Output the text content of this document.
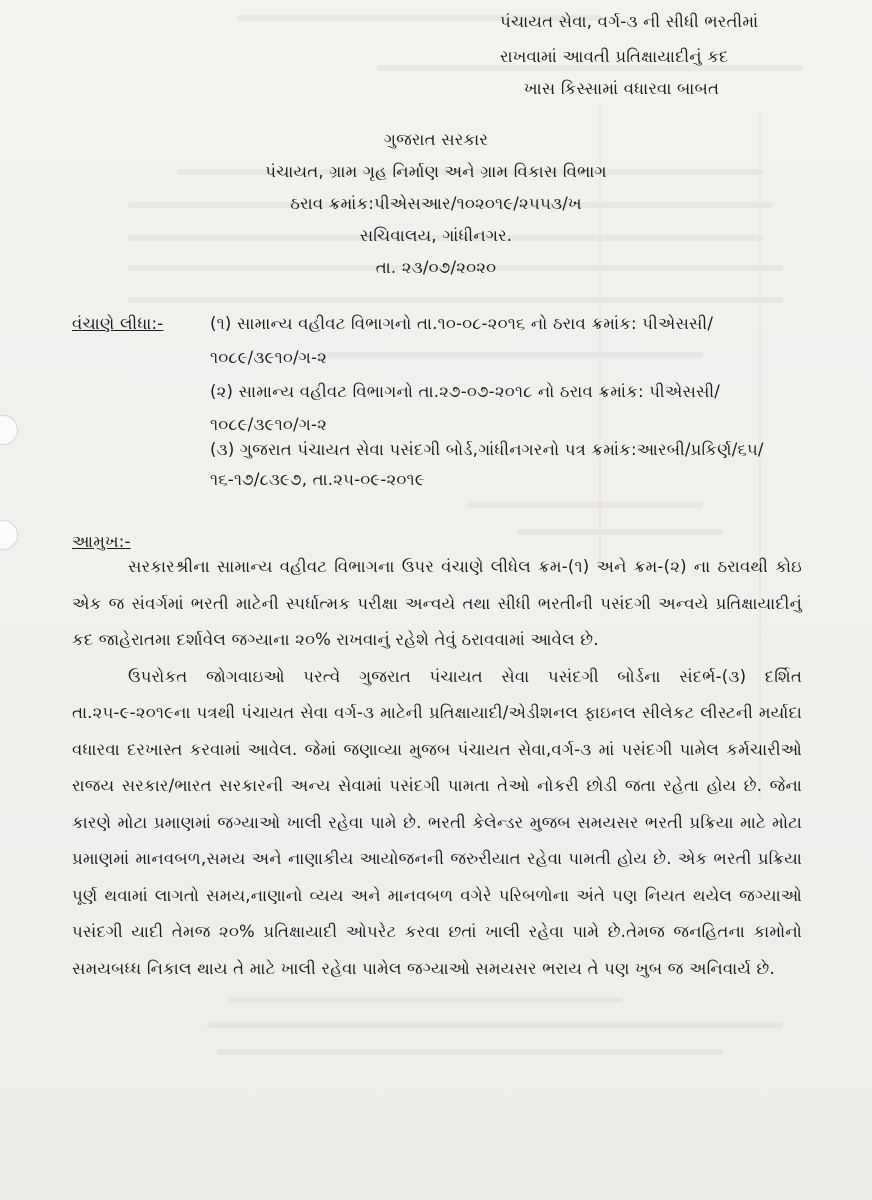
પંચાયત સેવા, વર્ગ-૩ ની સીધી ભરતીમાં
રાખવામાં આવતી પ્રતિક્ષાયાદીનું કદ
ખાસ કિસ્સામાં વધારવા બાબત
ગુજરાત સરકાર
પંચાયત, ગ્રામ ગૃહ નિર્માણ અને ગ્રામ વિકાસ વિભાગ
ઠરાવ ક્રમાંક:પીએસઆર/૧૦૨૦૧૯/૨૫૫૩/ખ
સચિવાલય, ગાંધીનગર.
તા. ૨૩/૦૭/૨૦૨૦
વંચાણે લીધા:-	(૧) સામાન્ય વહીવટ વિભાગનો તા.૧૦-૦૮-૨૦૧૬ નો ઠરાવ ક્રમાંક: પીએસસી/
૧૦૮૯/૩૯૧૦/ગ-૨
(૨) સામાન્ય વહીવટ વિભાગનો તા.૨૭-૦૭-૨૦૧૮ નો ઠરાવ ક્રમાંક: પીએસસી/
૧૦૮૯/૩૯૧૦/ગ-૨
(૩) ગુજરાત પંચાયત સેવા પસંદગી બોર્ડ,ગાંધીનગરનો પત્ર ક્રમાંક:આરબી/પ્રકિર્ણ/૬૫/
૧૬-૧૭/૮૩૯૭, તા.૨૫-૦૯-૨૦૧૯
આમુખ:-

સરકારશ્રીના સામાન્ય વહીવટ વિભાગના ઉપર વંચાણે લીધેલ ક્રમ-(૧) અને ક્રમ-(૨) ના ઠરાવથી કોઇ એક જ સંવર્ગમાં ભરતી માટેની સ્પર્ધાત્મક પરીક્ષા અન્વયે તથા સીધી ભરતીની પસંદગી અન્વયે પ્રતિક્ષાયાદીનું કદ જાહેરાતમા દર્શાવેલ જગ્યાના ૨૦% રાખવાનું રહેશે તેવું ઠરાવવામાં આવેલ છે.

ઉપરોકત જોગવાઇઓ પરત્વે ગુજરાત પંચાયત સેવા પસંદગી બોર્ડના સંદર્ભ-(૩) દર્શિત તા.૨૫-૯-૨૦૧૯ના પત્રથી પંચાયત સેવા વર્ગ-૩ માટેની પ્રતિક્ષાયાદી/એડીશનલ ફાઇનલ સીલેકટ લીસ્ટની મર્યાદા વધારવા દરખાસ્ત કરવામાં આવેલ. જેમાં જણાવ્યા મુજબ પંચાયત સેવા,વર્ગ-૩ માં પસંદગી પામેલ કર્મચારીઓ રાજય સરકાર/ભારત સરકારની અન્ય સેવામાં પસંદગી પામતા તેઓ નોકરી છોડી જતા રહેતા હોય છે. જેના કારણે મોટા પ્રમાણમાં જગ્યાઓ ખાલી રહેવા પામે છે. ભરતી કેલેન્ડર મુજબ સમયસર ભરતી પ્રક્રિયા માટે મોટા પ્રમાણમાં માનવબળ,સમય અને નાણાકીય આયોજનની જરુરીયાત રહેવા પામતી હોય છે. એક ભરતી પ્રક્રિયા પૂર્ણ થવામાં લાગતો સમય,નાણાનો વ્યય અને માનવબળ વગેરે પરિબળોના અંતે પણ નિયત થયેલ જગ્યાઓ પસંદગી યાદી તેમજ ૨૦% પ્રતિક્ષાયાદી ઓપરેટ કરવા છતાં ખાલી રહેવા પામે છે.તેમજ જનહિતના કામોનો સમયબધ્ધ નિકાલ થાય તે માટે ખાલી રહેવા પામેલ જગ્યાઓ સમયસર ભરાય તે પણ ખુબ જ અનિવાર્ય છે.
